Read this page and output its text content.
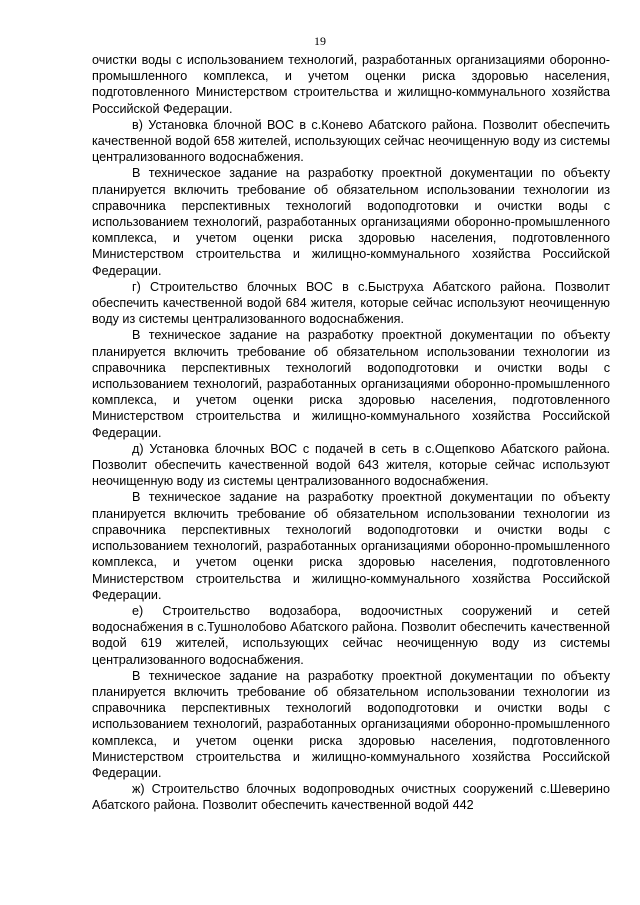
19

очистки воды с использованием технологий, разработанных организациями оборонно-промышленного комплекса, и учетом оценки риска здоровью населения, подготовленного Министерством строительства и жилищно-коммунального хозяйства Российской Федерации.

в) Установка блочной ВОС в с.Конево Абатского района. Позволит обеспечить качественной водой 658 жителей, использующих сейчас неочищенную воду из системы централизованного водоснабжения.

В техническое задание на разработку проектной документации по объекту планируется включить требование об обязательном использовании технологии из справочника перспективных технологий водоподготовки и очистки воды с использованием технологий, разработанных организациями оборонно-промышленного комплекса, и учетом оценки риска здоровью населения, подготовленного Министерством строительства и жилищно-коммунального хозяйства Российской Федерации.

г) Строительство блочных ВОС в с.Быструха Абатского района. Позволит обеспечить качественной водой 684 жителя, которые сейчас используют неочищенную воду из системы централизованного водоснабжения.

В техническое задание на разработку проектной документации по объекту планируется включить требование об обязательном использовании технологии из справочника перспективных технологий водоподготовки и очистки воды с использованием технологий, разработанных организациями оборонно-промышленного комплекса, и учетом оценки риска здоровью населения, подготовленного Министерством строительства и жилищно-коммунального хозяйства Российской Федерации.

д) Установка блочных ВОС с подачей в сеть в с.Ощепково Абатского района. Позволит обеспечить качественной водой 643 жителя, которые сейчас используют неочищенную воду из системы централизованного водоснабжения.

В техническое задание на разработку проектной документации по объекту планируется включить требование об обязательном использовании технологии из справочника перспективных технологий водоподготовки и очистки воды с использованием технологий, разработанных организациями оборонно-промышленного комплекса, и учетом оценки риска здоровью населения, подготовленного Министерством строительства и жилищно-коммунального хозяйства Российской Федерации.

е) Строительство водозабора, водоочистных сооружений и сетей водоснабжения в с.Тушнолобово Абатского района. Позволит обеспечить качественной водой 619 жителей, использующих сейчас неочищенную воду из системы централизованного водоснабжения.

В техническое задание на разработку проектной документации по объекту планируется включить требование об обязательном использовании технологии из справочника перспективных технологий водоподготовки и очистки воды с использованием технологий, разработанных организациями оборонно-промышленного комплекса, и учетом оценки риска здоровью населения, подготовленного Министерством строительства и жилищно-коммунального хозяйства Российской Федерации.

ж) Строительство блочных водопроводных очистных сооружений с.Шеверино Абатского района. Позволит обеспечить качественной водой 442
